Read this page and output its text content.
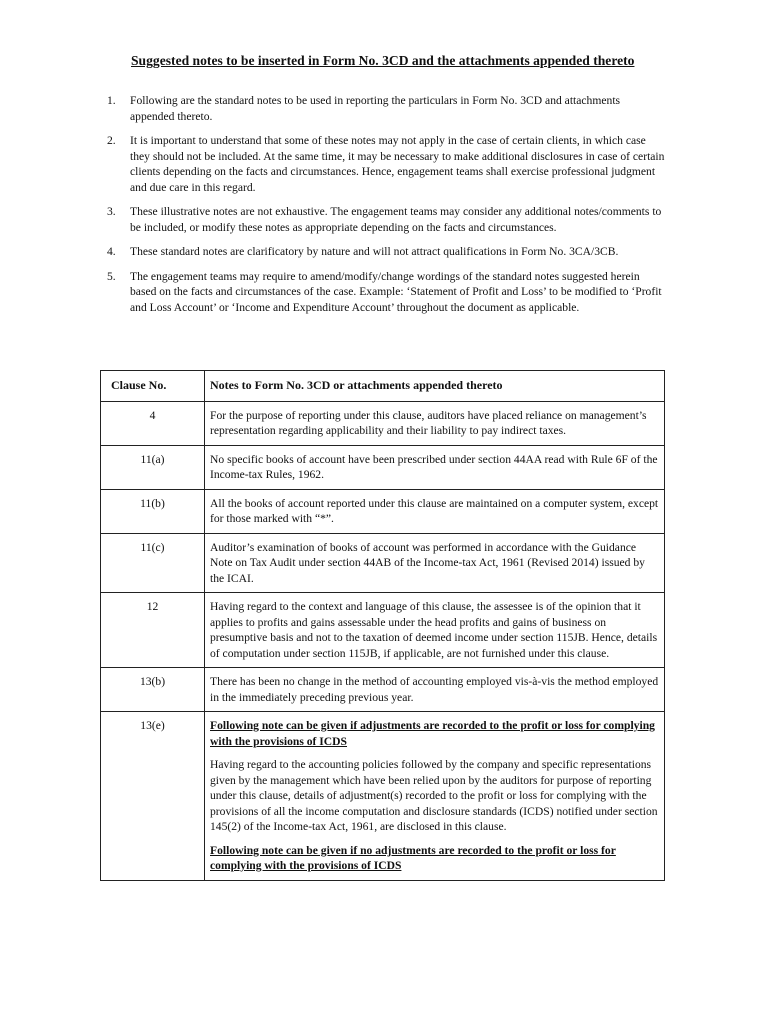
Suggested notes to be inserted in Form No. 3CD and the attachments appended thereto
1. Following are the standard notes to be used in reporting the particulars in Form No. 3CD and attachments appended thereto.
2. It is important to understand that some of these notes may not apply in the case of certain clients, in which case they should not be included. At the same time, it may be necessary to make additional disclosures in case of certain clients depending on the facts and circumstances. Hence, engagement teams shall exercise professional judgment and due care in this regard.
3. These illustrative notes are not exhaustive. The engagement teams may consider any additional notes/comments to be included, or modify these notes as appropriate depending on the facts and circumstances.
4. These standard notes are clarificatory by nature and will not attract qualifications in Form No. 3CA/3CB.
5. The engagement teams may require to amend/modify/change wordings of the standard notes suggested herein based on the facts and circumstances of the case. Example: ‘Statement of Profit and Loss’ to be modified to ‘Profit and Loss Account’ or ‘Income and Expenditure Account’ throughout the document as applicable.
Clause No.	Notes to Form No. 3CD or attachments appended thereto
4	For the purpose of reporting under this clause, auditors have placed reliance on management’s representation regarding applicability and their liability to pay indirect taxes.
11(a)	No specific books of account have been prescribed under section 44AA read with Rule 6F of the Income-tax Rules, 1962.
11(b)	All the books of account reported under this clause are maintained on a computer system, except for those marked with “*”.
11(c)	Auditor’s examination of books of account was performed in accordance with the Guidance Note on Tax Audit under section 44AB of the Income-tax Act, 1961 (Revised 2014) issued by the ICAI.
12	Having regard to the context and language of this clause, the assessee is of the opinion that it applies to profits and gains assessable under the head profits and gains of business on presumptive basis and not to the taxation of deemed income under section 115JB. Hence, details of computation under section 115JB, if applicable, are not furnished under this clause.
13(b)	There has been no change in the method of accounting employed vis-à-vis the method employed in the immediately preceding previous year.
13(e)	Following note can be given if adjustments are recorded to the profit or loss for complying with the provisions of ICDS
Having regard to the accounting policies followed by the company and specific representations given by the management which have been relied upon by the auditors for purpose of reporting under this clause, details of adjustment(s) recorded to the profit or loss for complying with the provisions of all the income computation and disclosure standards (ICDS) notified under section 145(2) of the Income-tax Act, 1961, are disclosed in this clause.
Following note can be given if no adjustments are recorded to the profit or loss for complying with the provisions of ICDS
